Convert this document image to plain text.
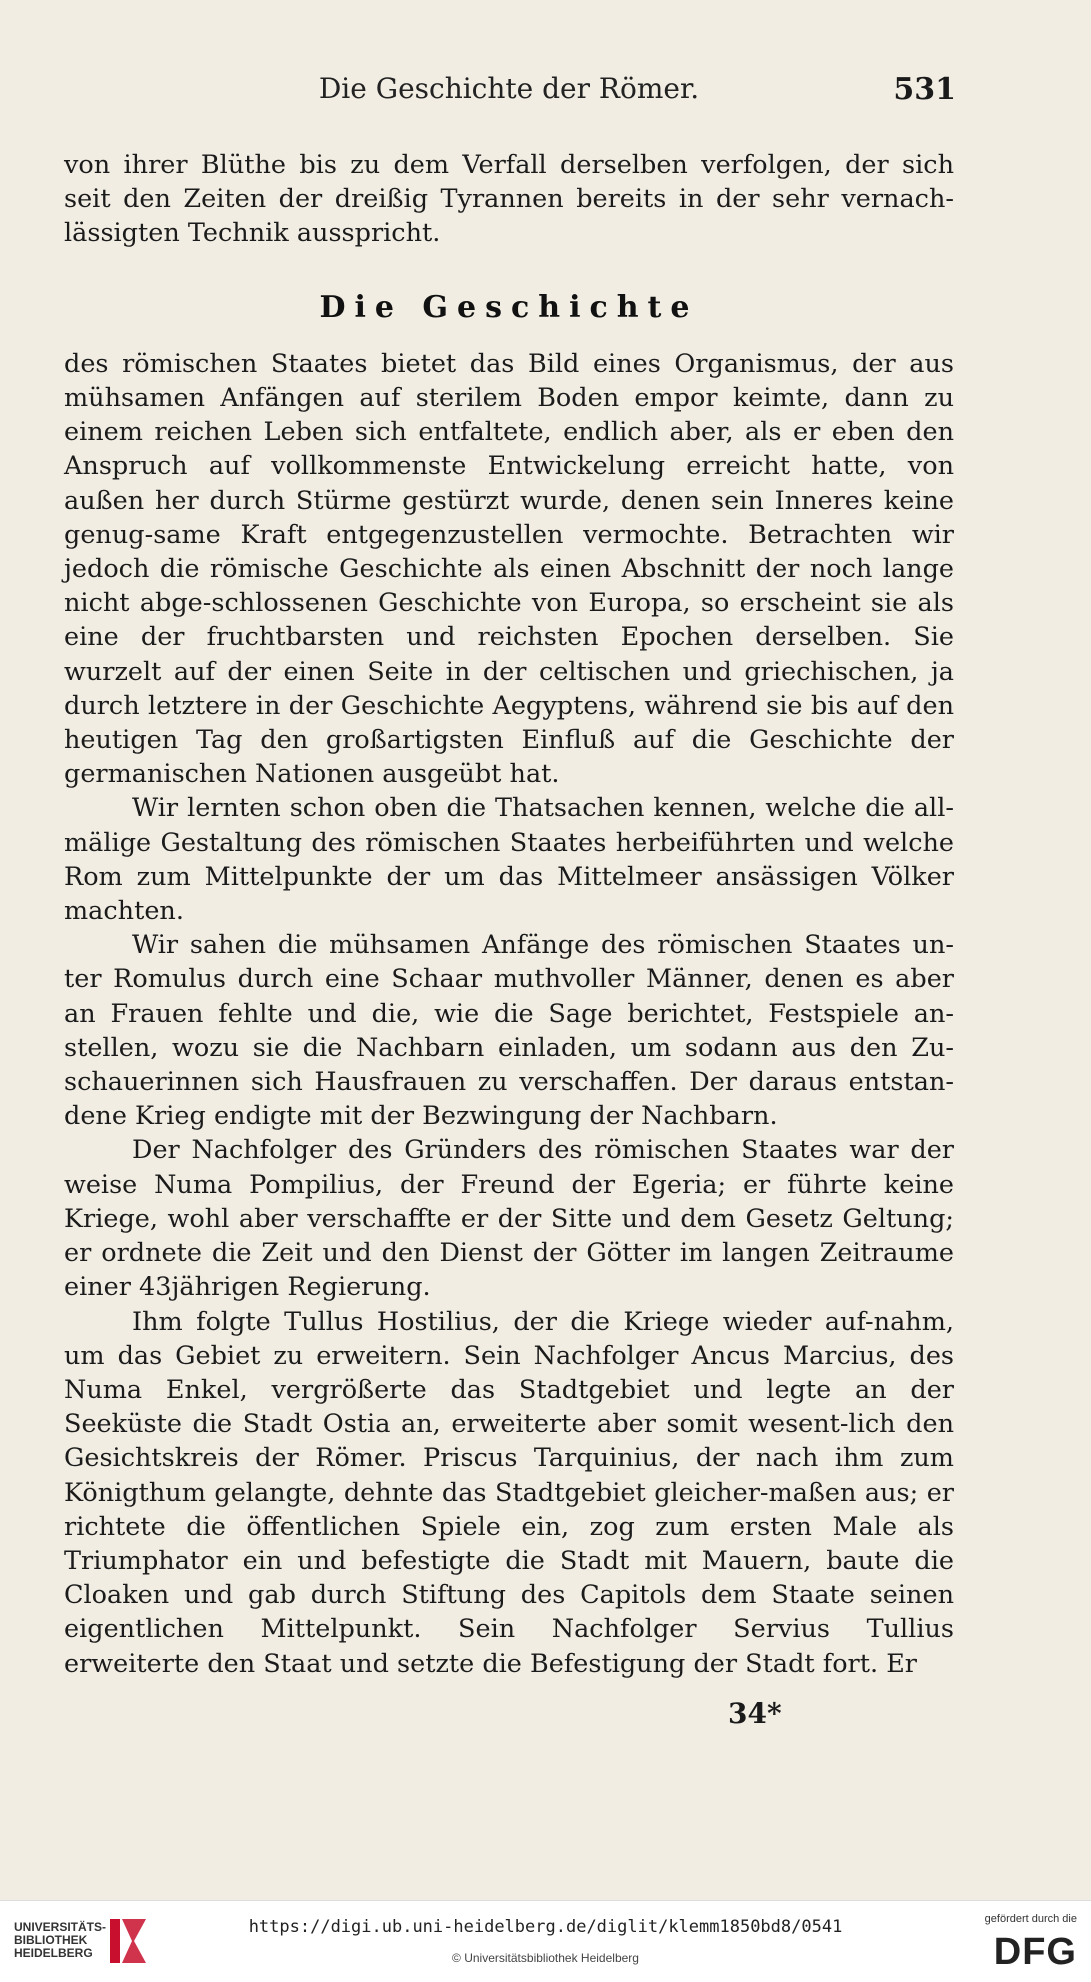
Die Geschichte der Römer.	531

von ihrer Blüthe bis zu dem Verfall derselben verfolgen, der sich seit den Zeiten der dreißig Tyrannen bereits in der sehr vernach-lässigten Technik ausspricht.

Die Geschichte

des römischen Staates bietet das Bild eines Organismus, der aus mühsamen Anfängen auf sterilem Boden empor keimte, dann zu einem reichen Leben sich entfaltete, endlich aber, als er eben den Anspruch auf vollkommenste Entwickelung erreicht hatte, von außen her durch Stürme gestürzt wurde, denen sein Inneres keine genug-same Kraft entgegenzustellen vermochte. Betrachten wir jedoch die römische Geschichte als einen Abschnitt der noch lange nicht abge-schlossenen Geschichte von Europa, so erscheint sie als eine der fruchtbarsten und reichsten Epochen derselben. Sie wurzelt auf der einen Seite in der celtischen und griechischen, ja durch letztere in der Geschichte Aegyptens, während sie bis auf den heutigen Tag den großartigsten Einfluß auf die Geschichte der germanischen Nationen ausgeübt hat.

Wir lernten schon oben die Thatsachen kennen, welche die all-mälige Gestaltung des römischen Staates herbeiführten und welche Rom zum Mittelpunkte der um das Mittelmeer ansässigen Völker machten.

Wir sahen die mühsamen Anfänge des römischen Staates un-ter Romulus durch eine Schaar muthvoller Männer, denen es aber an Frauen fehlte und die, wie die Sage berichtet, Festspiele an-stellen, wozu sie die Nachbarn einladen, um sodann aus den Zu-schauerinnen sich Hausfrauen zu verschaffen. Der daraus entstan-dene Krieg endigte mit der Bezwingung der Nachbarn.

Der Nachfolger des Gründers des römischen Staates war der weise Numa Pompilius, der Freund der Egeria; er führte keine Kriege, wohl aber verschaffte er der Sitte und dem Gesetz Geltung; er ordnete die Zeit und den Dienst der Götter im langen Zeitraume einer 43jährigen Regierung.

Ihm folgte Tullus Hostilius, der die Kriege wieder auf-nahm, um das Gebiet zu erweitern. Sein Nachfolger Ancus Marcius, des Numa Enkel, vergrößerte das Stadtgebiet und legte an der Seeküste die Stadt Ostia an, erweiterte aber somit wesent-lich den Gesichtskreis der Römer. Priscus Tarquinius, der nach ihm zum Königthum gelangte, dehnte das Stadtgebiet gleicher-maßen aus; er richtete die öffentlichen Spiele ein, zog zum ersten Male als Triumphator ein und befestigte die Stadt mit Mauern, baute die Cloaken und gab durch Stiftung des Capitols dem Staate seinen eigentlichen Mittelpunkt. Sein Nachfolger Servius Tullius erweiterte den Staat und setzte die Befestigung der Stadt fort. Er

34*
UNIVERSITÄTS-
BIBLIOTHEK
HEIDELBERG
https://digi.ub.uni-heidelberg.de/diglit/klemm1850bd8/0541
© Universitätsbibliothek Heidelberg
gefördert durch die
DFG
